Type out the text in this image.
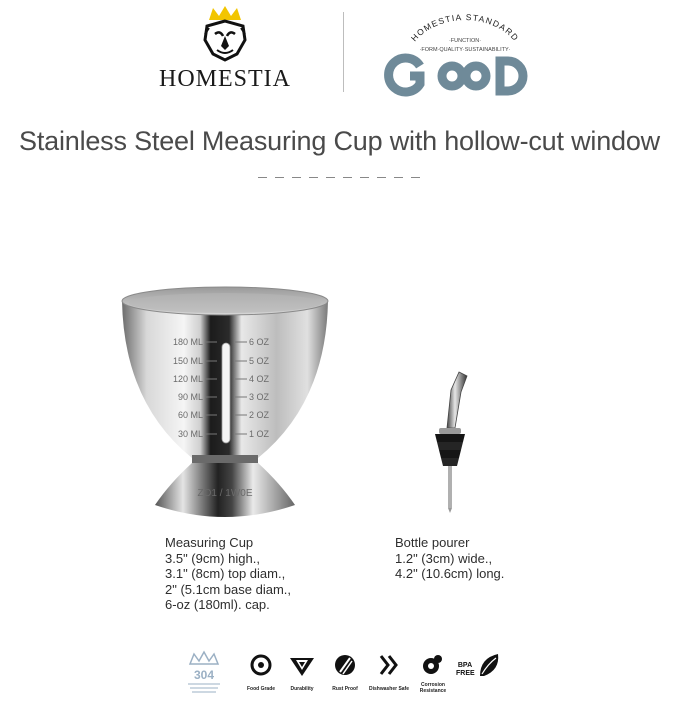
HOMESTIA
HOMESTIA STANDARD
·FUNCTION·
·FORM·QUALITY·SUSTAINABILITY·
Stainless Steel Measuring Cup with hollow-cut window
180 ML
150 ML
120 ML
90 ML
60 ML
30 ML
6 OZ
5 OZ
4 OZ
3 OZ
2 OZ
1 OZ
ZO1 / 1W0E
Measuring Cup
3.5" (9cm) high.,
3.1" (8cm) top diam.,
2" (5.1cm base diam.,
6-oz (180ml). cap.
Bottle pourer
1.2" (3cm) wide.,
4.2" (10.6cm) long.
304
Food Grade	Durability	Rust Proof Dishwasher Safe
Corrosion Resistance
BPA FREE
